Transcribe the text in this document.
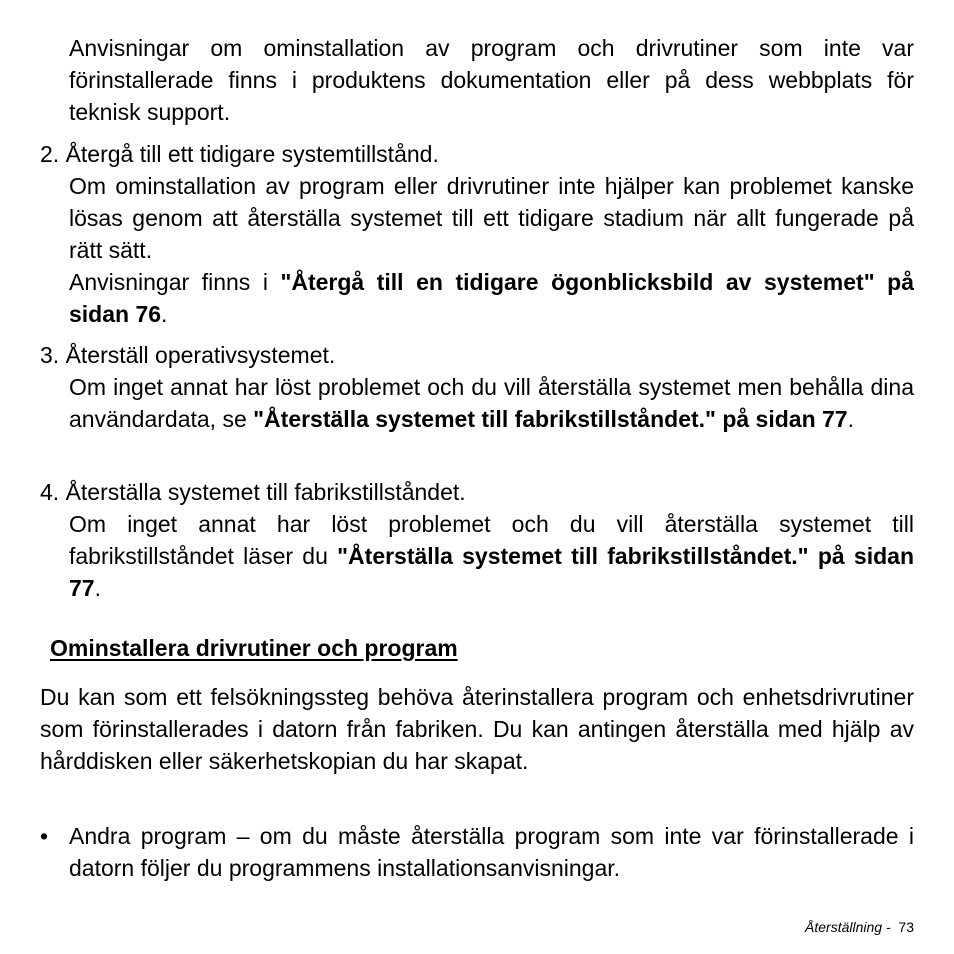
Anvisningar om ominstallation av program och drivrutiner som inte var förinstallerade finns i produktens dokumentation eller på dess webbplats för teknisk support.

2. Återgå till ett tidigare systemtillstånd.

Om ominstallation av program eller drivrutiner inte hjälper kan problemet kanske lösas genom att återställa systemet till ett tidigare stadium när allt fungerade på rätt sätt.

Anvisningar finns i "Återgå till en tidigare ögonblicksbild av systemet" på sidan 76.

3. Återställ operativsystemet.

Om inget annat har löst problemet och du vill återställa systemet men behålla dina användardata, se "Återställa systemet till fabrikstillståndet." på sidan 77.

4. Återställa systemet till fabrikstillståndet.

Om inget annat har löst problemet och du vill återställa systemet till fabrikstillståndet läser du "Återställa systemet till fabrikstillståndet." på sidan 77.

Ominstallera drivrutiner och program

Du kan som ett felsökningssteg behöva återinstallera program och enhetsdrivrutiner som förinstallerades i datorn från fabriken. Du kan antingen återställa med hjälp av hårddisken eller säkerhetskopian du har skapat.

• Andra program – om du måste återställa program som inte var förinstallerade i datorn följer du programmens installationsanvisningar.

Återställning - 73
